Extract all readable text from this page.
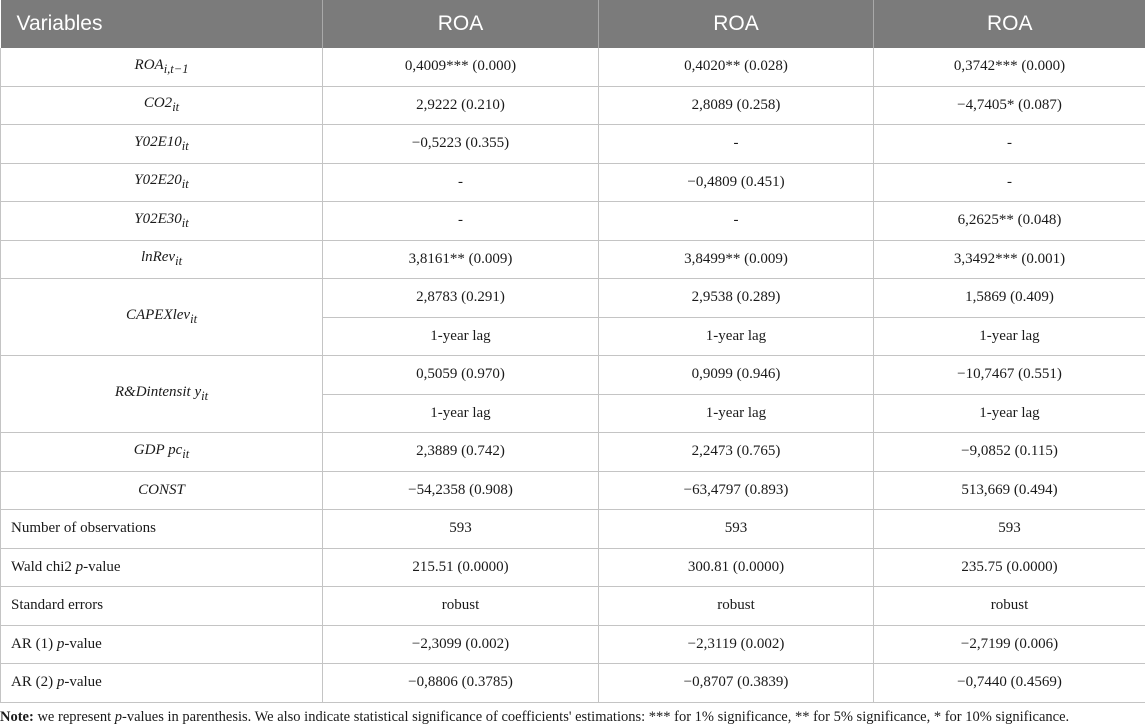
Variables	ROA	ROA	ROA
$ROA_{i,t-1}$	0,4009*** (0.000)	0,4020** (0.028)	0,3742*** (0.000)
$CO2_{it}$	2,9222 (0.210)	2,8089 (0.258)	−4,7405* (0.087)
$Y02E10_{it}$	−0,5223 (0.355)	-	-
$Y02E20_{it}$	-	−0,4809 (0.451)	-
$Y02E30_{it}$	-	-	6,2625** (0.048)
lnRev$_{it}$	3,8161** (0.009)	3,8499** (0.009)	3,3492*** (0.001)
CAPEXlev$_{it}$	2,8783 (0.291)	2,9538 (0.289)	1,5869 (0.409)
	1-year lag	1-year lag	1-year lag
R&Dintensit $y_{it}$	0,5059 (0.970)	0,9099 (0.946)	−10,7467 (0.551)
	1-year lag	1-year lag	1-year lag
GDP $pc_{it}$	2,3889 (0.742)	2,2473 (0.765)	−9,0852 (0.115)
CONST	−54,2358 (0.908)	−63,4797 (0.893)	513,669 (0.494)
Number of observations	593	593	593
Wald chi2 p-value	215.51 (0.0000)	300.81 (0.0000)	235.75 (0.0000)
Standard errors	robust	robust	robust
AR (1) p-value	−2,3099 (0.002)	−2,3119 (0.002)	−2,7199 (0.006)
AR (2) p-value	−0,8806 (0.3785)	−0,8707 (0.3839)	−0,7440 (0.4569)

Note: we represent p-values in parenthesis. We also indicate statistical significance of coefficients' estimations: *** for 1% significance, ** for 5% significance, * for 10% significance.
